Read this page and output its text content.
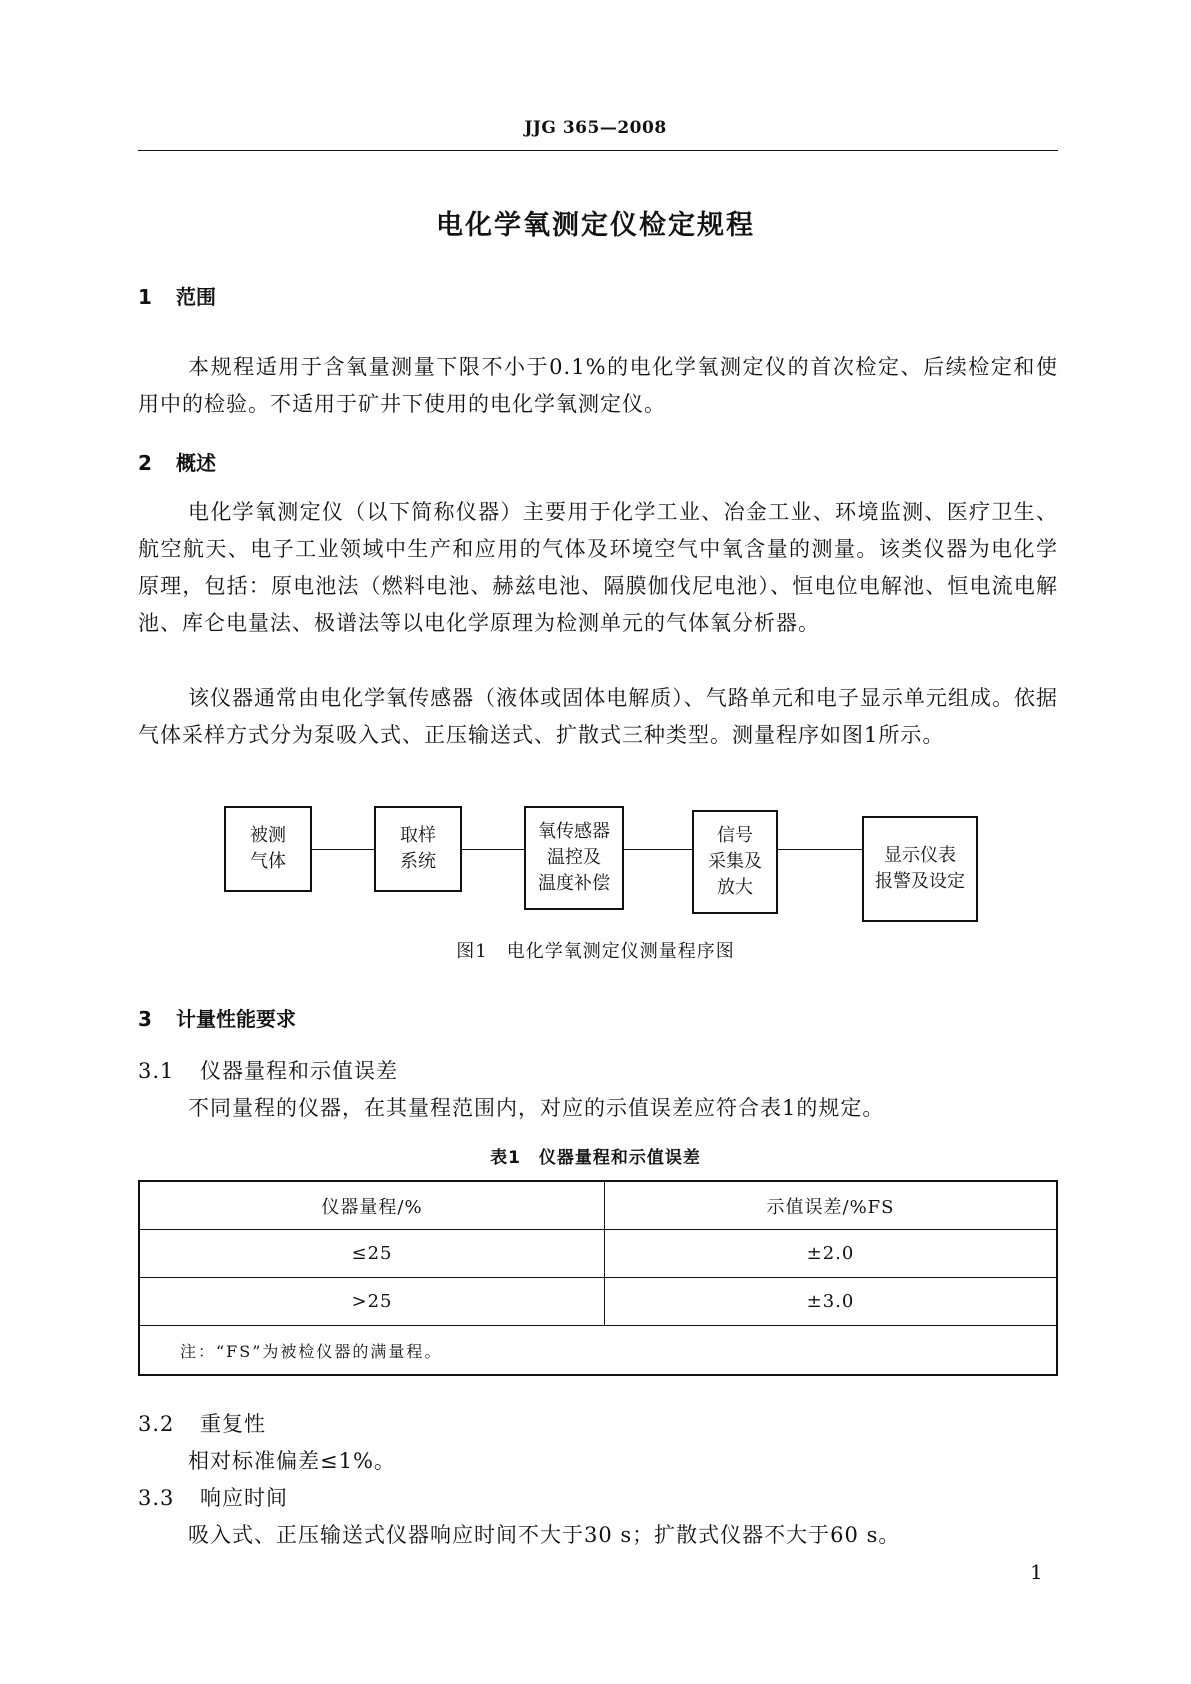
JJG 365—2008
电化学氧测定仪检定规程
1 范围
本规程适用于含氧量测量下限不小于0.1%的电化学氧测定仪的首次检定、后续检定和使用中的检验。不适用于矿井下使用的电化学氧测定仪。
2 概述
电化学氧测定仪（以下简称仪器）主要用于化学工业、冶金工业、环境监测、医疗卫生、航空航天、电子工业领域中生产和应用的气体及环境空气中氧含量的测量。该类仪器为电化学原理，包括：原电池法（燃料电池、赫兹电池、隔膜伽伐尼电池）、恒电位电解池、恒电流电解池、库仑电量法、极谱法等以电化学原理为检测单元的气体氧分析器。
该仪器通常由电化学氧传感器（液体或固体电解质）、气路单元和电子显示单元组成。依据气体采样方式分为泵吸入式、正压输送式、扩散式三种类型。测量程序如图1所示。
被测
气体
取样
系统
氧传感器
温控及
温度补偿
信号
采集及
放大
显示仪表
报警及设定
图1　电化学氧测定仪测量程序图
3 计量性能要求
3.1 仪器量程和示值误差
不同量程的仪器，在其量程范围内，对应的示值误差应符合表1的规定。
表1　仪器量程和示值误差
仪器量程/%	示值误差/%FS
≤25	±2.0
>25	±3.0
注：“FS”为被检仪器的满量程。
3.2 重复性
相对标准偏差≤1%。
3.3 响应时间
吸入式、正压输送式仪器响应时间不大于30 s；扩散式仪器不大于60 s。
1
